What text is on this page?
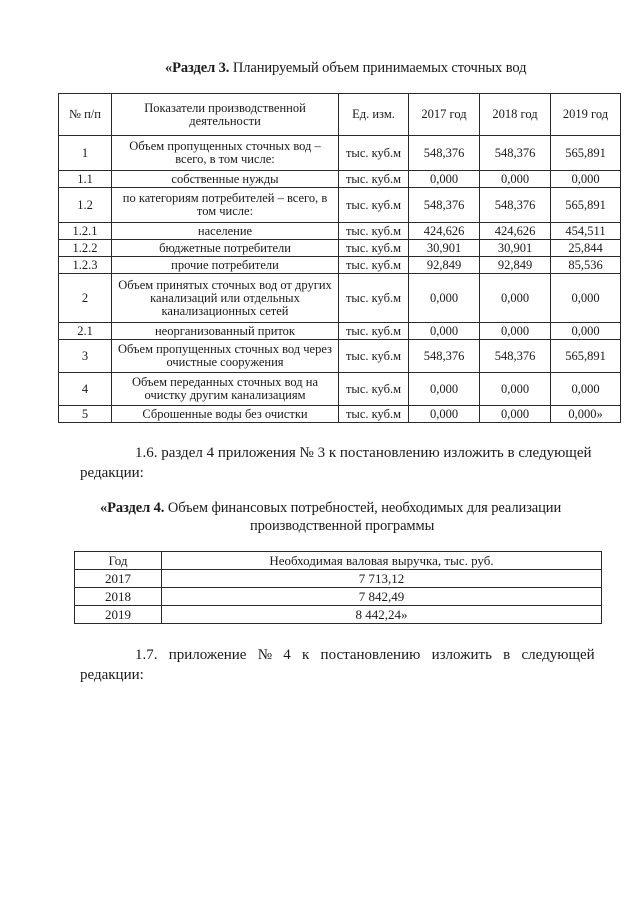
«Раздел 3. Планируемый объем принимаемых сточных вод
№ п/п	Показатели производственной деятельности	Ед. изм.	2017 год	2018 год	2019 год
1	Объем пропущенных сточных вод – всего, в том числе:	тыс. куб.м	548,376	548,376	565,891
1.1	собственные нужды	тыс. куб.м	0,000	0,000	0,000
1.2	по категориям потребителей – всего, в том числе:	тыс. куб.м	548,376	548,376	565,891
1.2.1	население	тыс. куб.м	424,626	424,626	454,511
1.2.2	бюджетные потребители	тыс. куб.м	30,901	30,901	25,844
1.2.3	прочие потребители	тыс. куб.м	92,849	92,849	85,536
2	Объем принятых сточных вод от других канализаций или отдельных канализационных сетей	тыс. куб.м	0,000	0,000	0,000
2.1	неорганизованный приток	тыс. куб.м	0,000	0,000	0,000
3	Объем пропущенных сточных вод через очистные сооружения	тыс. куб.м	548,376	548,376	565,891
4	Объем переданных сточных вод на очистку другим канализациям	тыс. куб.м	0,000	0,000	0,000
5	Сброшенные воды без очистки	тыс. куб.м	0,000	0,000	0,000»
1.6. раздел 4 приложения № 3 к постановлению изложить в следующей
редакции:
«Раздел 4. Объем финансовых потребностей, необходимых для реализации
производственной программы
Год	Необходимая валовая выручка, тыс. руб.
2017	7 713,12
2018	7 842,49
2019	8 442,24»
1.7.   приложение   №   4   к   постановлению   изложить   в   следующей
редакции:
